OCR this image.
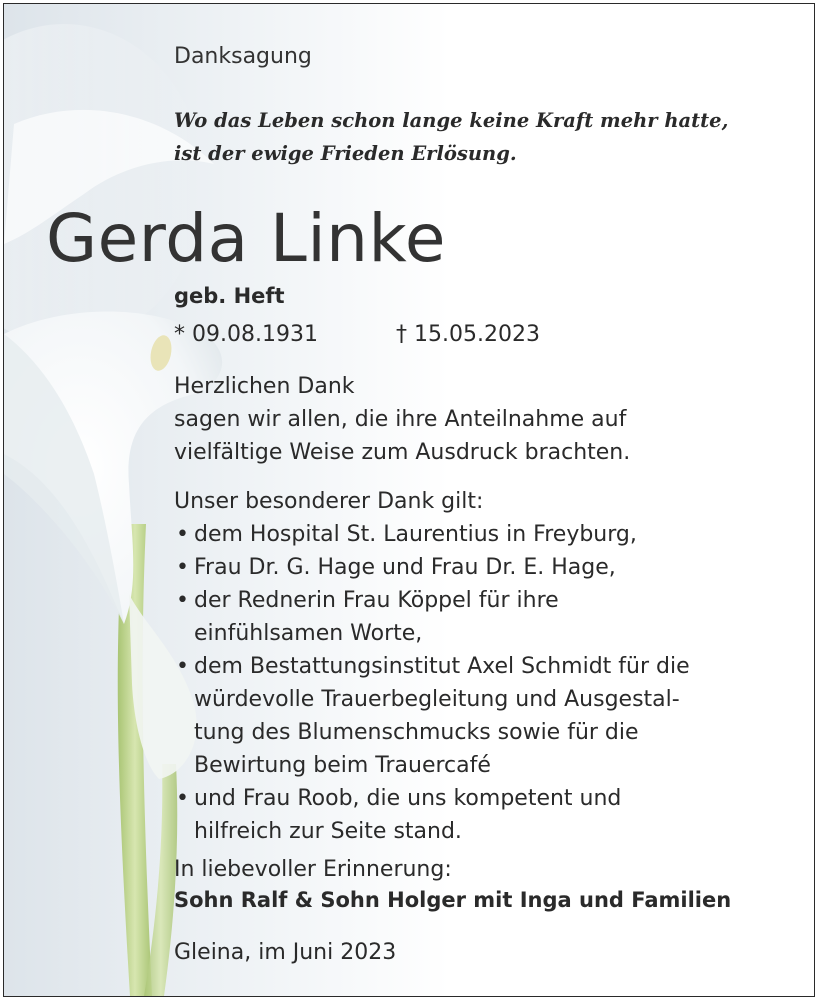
Danksagung
Wo das Leben schon lange keine Kraft mehr hatte,
ist der ewige Frieden Erlösung.
Gerda Linke
geb. Heft
* 09.08.1931	† 15.05.2023
Herzlichen Dank
sagen wir allen, die ihre Anteilnahme auf
vielfältige Weise zum Ausdruck brachten.
Unser besonderer Dank gilt:
• dem Hospital St. Laurentius in Freyburg,
• Frau Dr. G. Hage und Frau Dr. E. Hage,
• der Rednerin Frau Köppel für ihre
einfühlsamen Worte,
• dem Bestattungsinstitut Axel Schmidt für die
würdevolle Trauerbegleitung und Ausgestal-
tung des Blumenschmucks sowie für die
Bewirtung beim Trauercafé
• und Frau Roob, die uns kompetent und
hilfreich zur Seite stand.
In liebevoller Erinnerung:
Sohn Ralf & Sohn Holger mit Inga und Familien
Gleina, im Juni 2023
